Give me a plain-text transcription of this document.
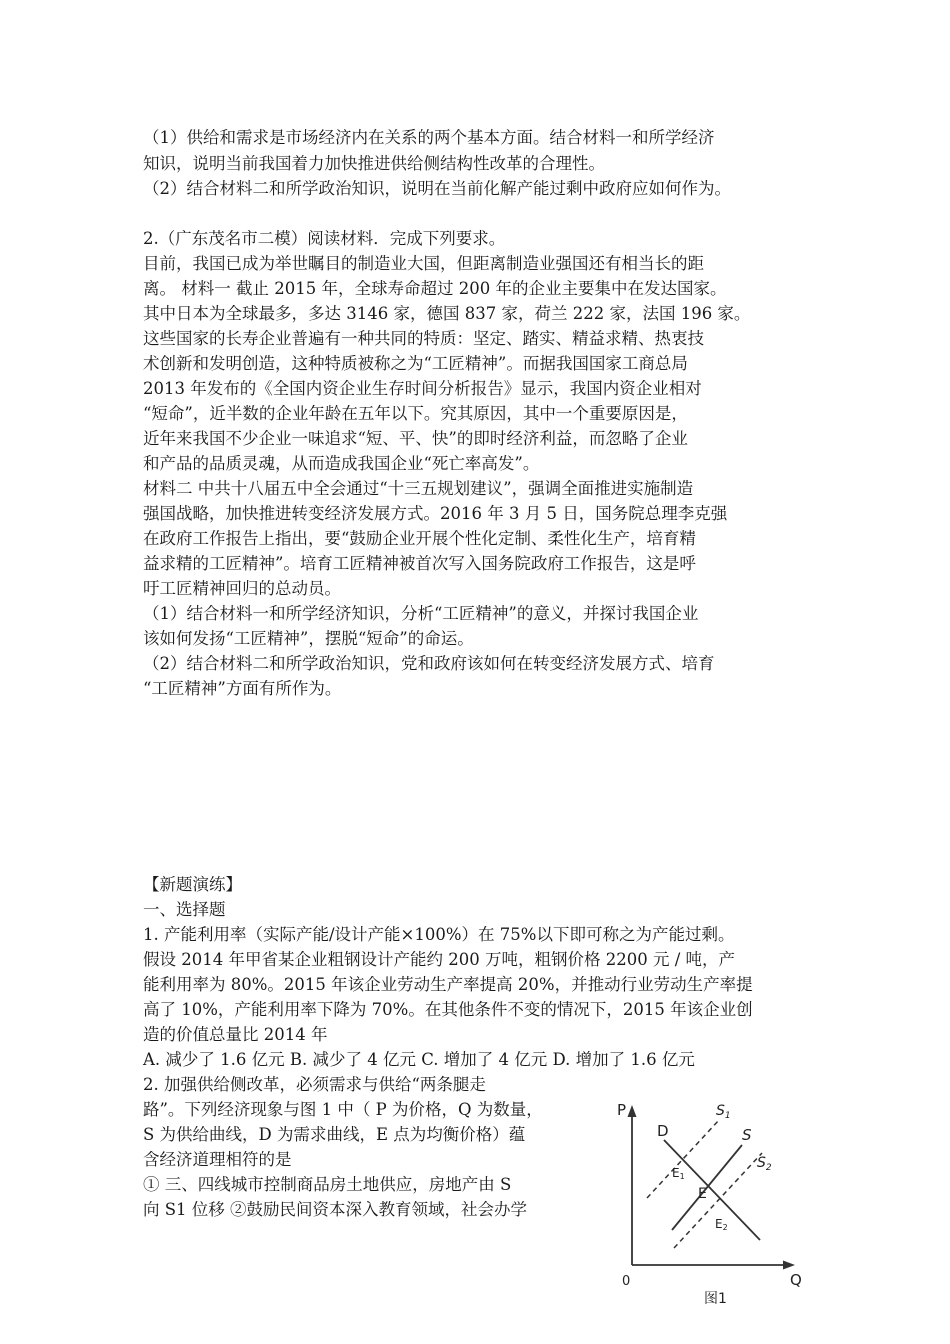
（1）供给和需求是市场经济内在关系的两个基本方面。结合材料一和所学经济
知识，说明当前我国着力加快推进供给侧结构性改革的合理性。
（2）结合材料二和所学政治知识，说明在当前化解产能过剩中政府应如何作为。
2.（广东茂名市二模）阅读材料．完成下列要求。
目前，我国已成为举世瞩目的制造业大国，但距离制造业强国还有相当长的距
离。 材料一 截止 2015 年，全球寿命超过 200 年的企业主要集中在发达国家。
其中日本为全球最多，多达 3146 家，德国 837 家，荷兰 222 家，法国 196 家。
这些国家的长寿企业普遍有一种共同的特质：坚定、踏实、精益求精、热衷技
术创新和发明创造，这种特质被称之为“工匠精神”。而据我国国家工商总局
2013 年发布的《全国内资企业生存时间分析报告》显示，我国内资企业相对
“短命”，近半数的企业年龄在五年以下。究其原因，其中一个重要原因是，
近年来我国不少企业一味追求“短、平、快”的即时经济利益，而忽略了企业
和产品的品质灵魂，从而造成我国企业“死亡率高发”。
材料二 中共十八届五中全会通过“十三五规划建议”，强调全面推进实施制造
强国战略，加快推进转变经济发展方式。2016 年 3 月 5 日，国务院总理李克强
在政府工作报告上指出，要“鼓励企业开展个性化定制、柔性化生产，培育精
益求精的工匠精神”。培育工匠精神被首次写入国务院政府工作报告，这是呼
吁工匠精神回归的总动员。
（1）结合材料一和所学经济知识，分析“工匠精神”的意义，并探讨我国企业
该如何发扬“工匠精神”，摆脱“短命”的命运。
（2）结合材料二和所学政治知识，党和政府该如何在转变经济发展方式、培育
“工匠精神”方面有所作为。
【新题演练】
一、选择题
1. 产能利用率（实际产能/设计产能×100%）在 75%以下即可称之为产能过剩。
假设 2014 年甲省某企业粗钢设计产能约 200 万吨，粗钢价格 2200 元 / 吨，产
能利用率为 80%。2015 年该企业劳动生产率提高 20%，并推动行业劳动生产率提
高了 10%，产能利用率下降为 70%。在其他条件不变的情况下，2015 年该企业创
造的价值总量比 2014 年
A. 减少了 1.6 亿元 B. 减少了 4 亿元 C. 增加了 4 亿元 D. 增加了 1.6 亿元
2. 加强供给侧改革，必须需求与供给“两条腿走
路”。下列经济现象与图 1 中（ P 为价格，Q 为数量，
S 为供给曲线，D 为需求曲线，E 点为均衡价格）蕴
含经济道理相符的是
① 三、四线城市控制商品房土地供应，房地产由 S
向 S1 位移 ②鼓励民间资本深入教育领域，社会办学
P
Q
0
D	S
$S_1$
$S_2$
E
E1
E2
图1
